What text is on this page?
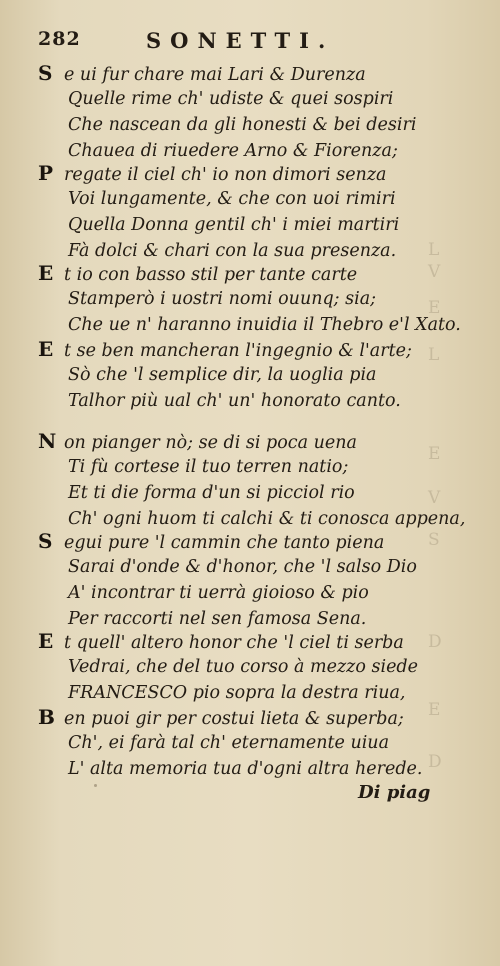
282	SONETTI.
S e ui fur chare mai Lari & Durenza
Quelle rime ch' udiste & quei sospiri
Che nascean da gli honesti & bei desiri
Chauea di riuedere Arno & Fiorenza;
P regate il ciel ch' io non dimori senza
Voi lungamente, & che con uoi rimiri
Quella Donna gentil ch' i miei martiri
Fà dolci & chari con la sua presenza.
E t io con basso stil per tante carte
Stamperò i uostri nomi ouunq; sia;
Che ue n' haranno inuidia il Thebro e'l Xato.
E t se ben mancheran l'ingegnio & l'arte;
Sò che 'l semplice dir, la uoglia pia
Talhor più ual ch' un' honorato canto.
N on pianger nò; se di si poca uena
Ti fù cortese il tuo terren natio;
Et ti die forma d'un si picciol rio
Ch' ogni huom ti calchi & ti conosca appena,
S egui pure 'l cammin che tanto piena
Sarai d'onde & d'honor, che 'l salso Dio
A' incontrar ti uerrà gioioso & pio
Per raccorti nel sen famosa Sena.
E t quell' altero honor che 'l ciel ti serba
Vedrai, che del tuo corso à mezzo siede
FRANCESCO pio sopra la destra riua,
B en puoi gir per costui lieta & superba;
Ch', ei farà tal ch' eternamente uiua
L' alta memoria tua d'ogni altra herede.
Di piag
L
V
E
L
E
V
S
D
E
D
